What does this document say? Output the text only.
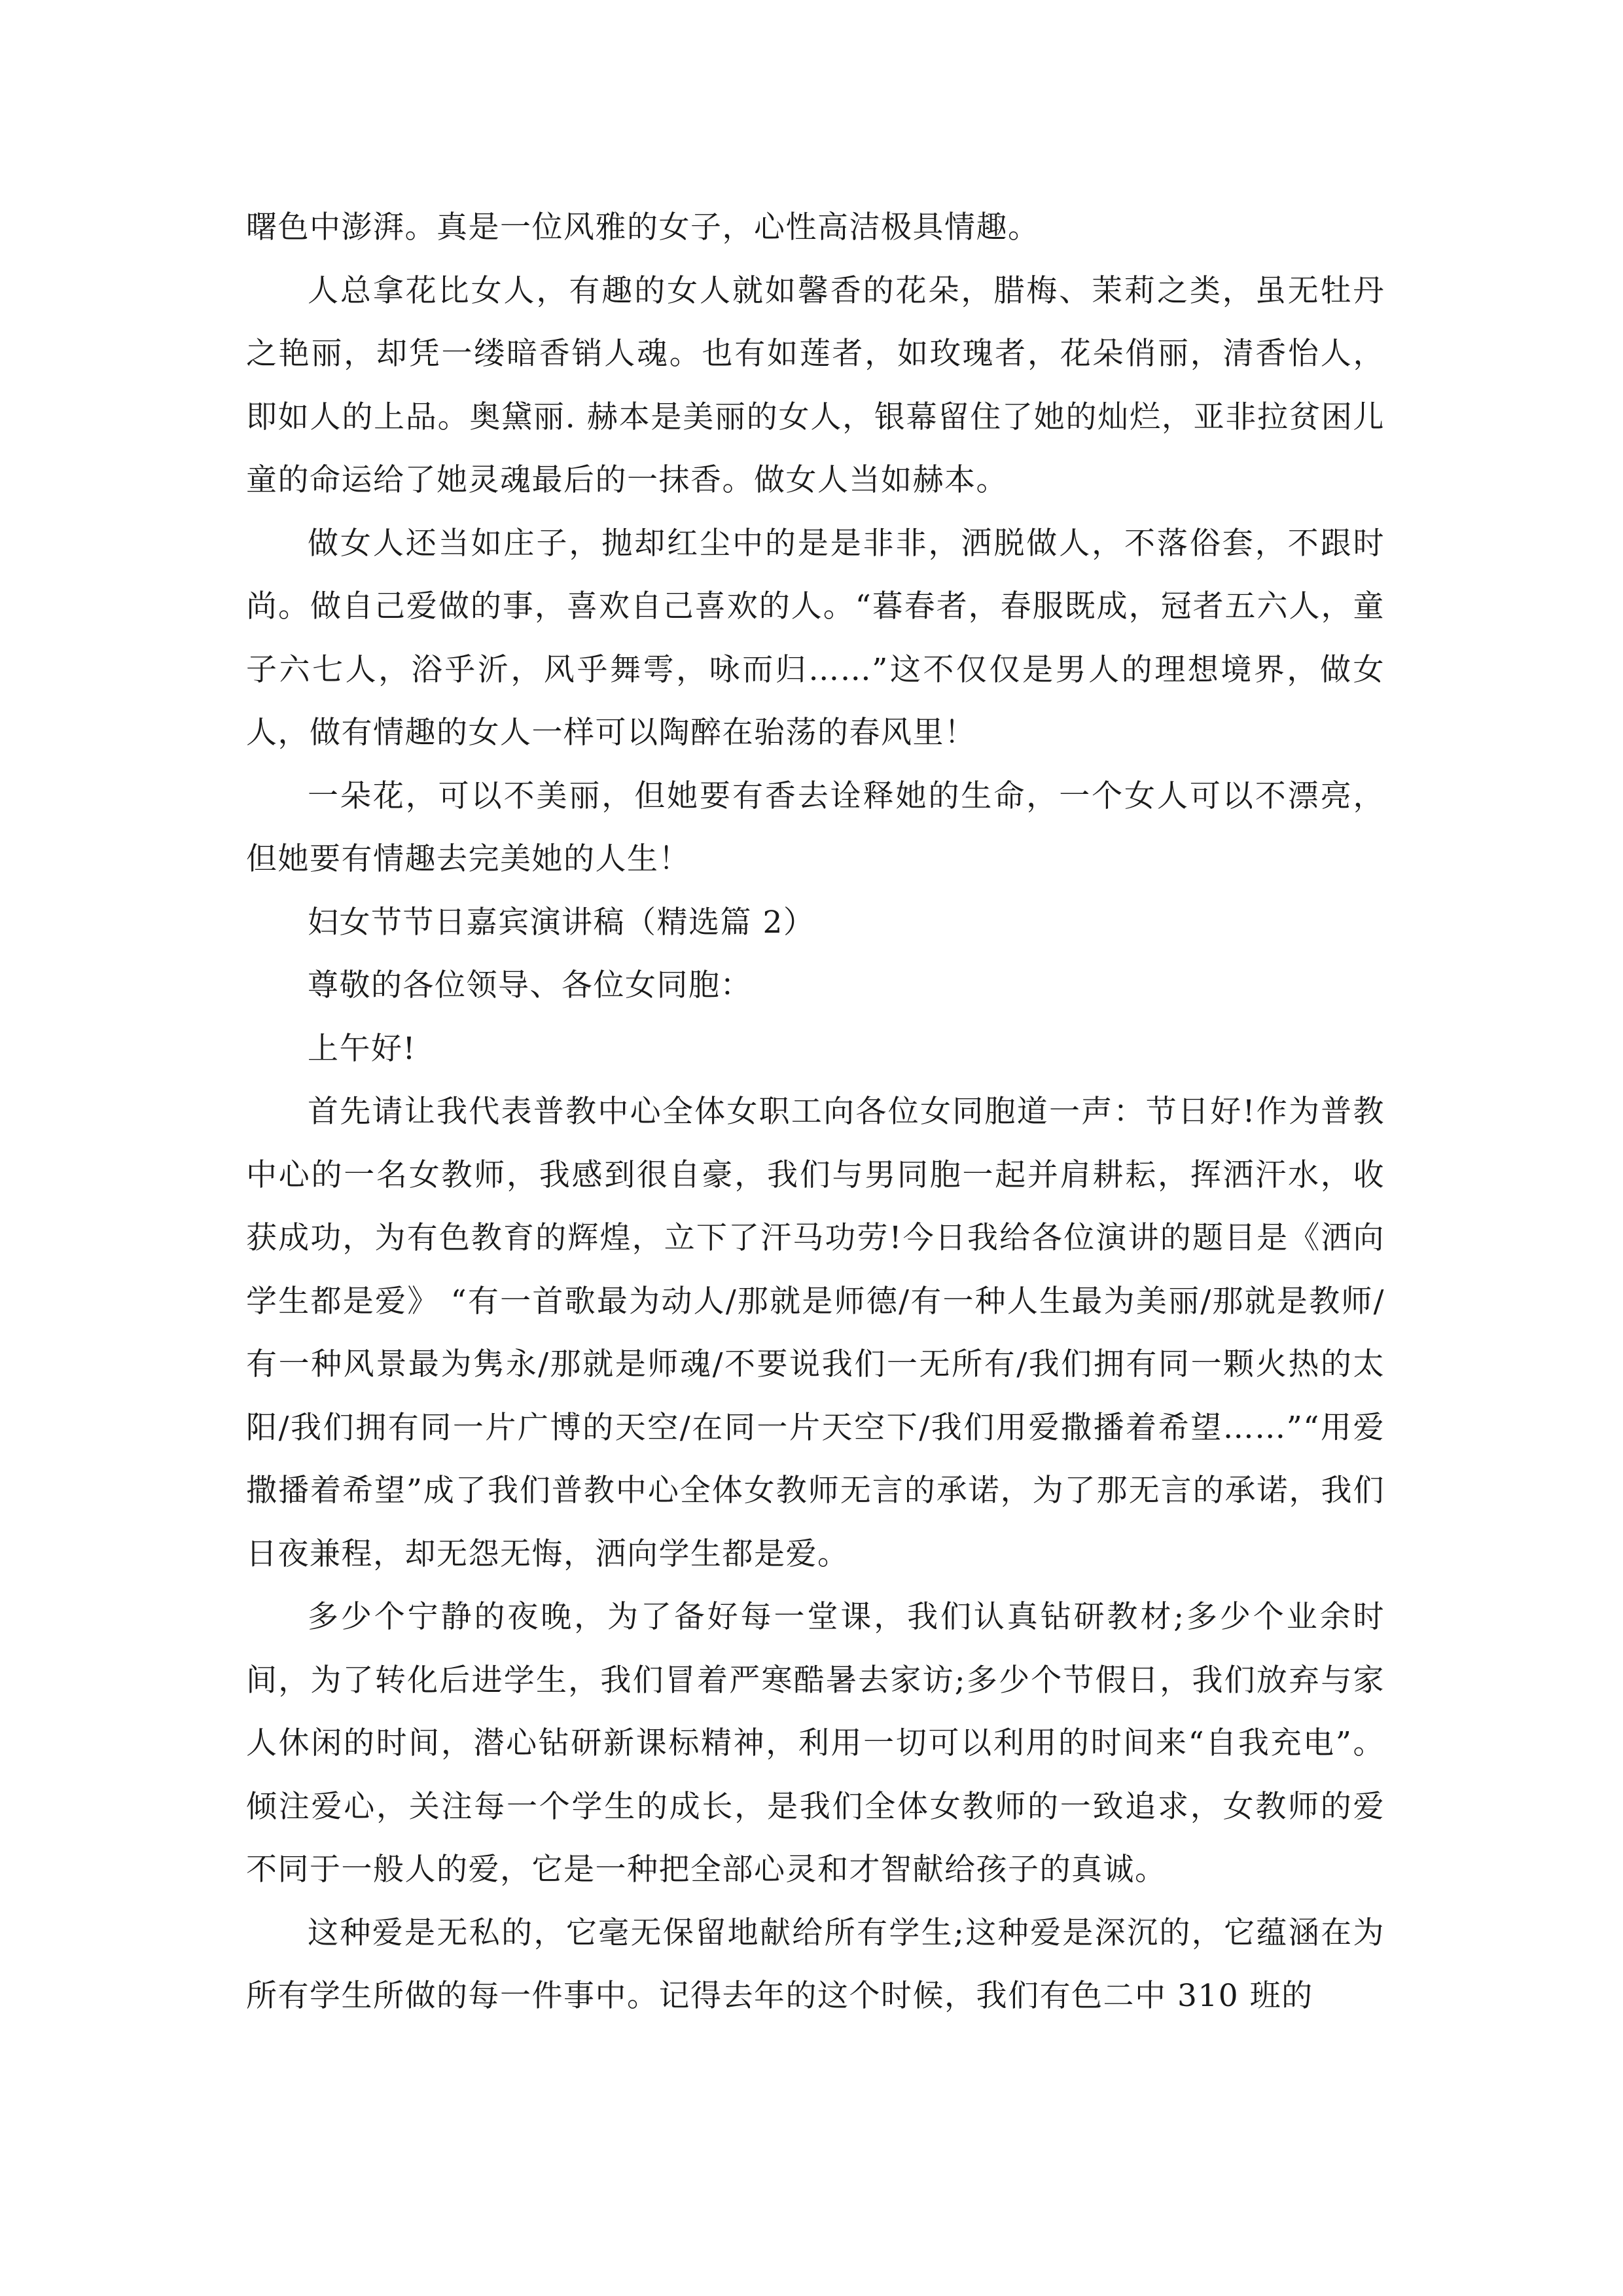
曙色中澎湃。真是一位风雅的女子，心性高洁极具情趣。

人总拿花比女人，有趣的女人就如馨香的花朵，腊梅、茉莉之类，虽无牡丹之艳丽，却凭一缕暗香销人魂。也有如莲者，如玫瑰者，花朵俏丽，清香怡人，即如人的上品。奥黛丽. 赫本是美丽的女人，银幕留住了她的灿烂，亚非拉贫困儿童的命运给了她灵魂最后的一抹香。做女人当如赫本。

做女人还当如庄子，抛却红尘中的是是非非，洒脱做人，不落俗套，不跟时尚。做自己爱做的事，喜欢自己喜欢的人。“暮春者，春服既成，冠者五六人，童子六七人，浴乎沂，风乎舞雩，咏而归……”这不仅仅是男人的理想境界，做女人，做有情趣的女人一样可以陶醉在骀荡的春风里！

一朵花，可以不美丽，但她要有香去诠释她的生命，一个女人可以不漂亮，但她要有情趣去完美她的人生！

妇女节节日嘉宾演讲稿（精选篇 2）

尊敬的各位领导、各位女同胞：

上午好!

首先请让我代表普教中心全体女职工向各位女同胞道一声：节日好!作为普教中心的一名女教师，我感到很自豪，我们与男同胞一起并肩耕耘，挥洒汗水，收获成功，为有色教育的辉煌，立下了汗马功劳!今日我给各位演讲的题目是《洒向学生都是爱》 “有一首歌最为动人/那就是师德/有一种人生最为美丽/那就是教师/有一种风景最为隽永/那就是师魂/不要说我们一无所有/我们拥有同一颗火热的太阳/我们拥有同一片广博的天空/在同一片天空下/我们用爱撒播着希望……”“用爱撒播着希望”成了我们普教中心全体女教师无言的承诺，为了那无言的承诺，我们日夜兼程，却无怨无悔，洒向学生都是爱。

多少个宁静的夜晚，为了备好每一堂课，我们认真钻研教材;多少个业余时间，为了转化后进学生，我们冒着严寒酷暑去家访;多少个节假日，我们放弃与家人休闲的时间，潜心钻研新课标精神，利用一切可以利用的时间来“自我充电”。倾注爱心，关注每一个学生的成长，是我们全体女教师的一致追求，女教师的爱不同于一般人的爱，它是一种把全部心灵和才智献给孩子的真诚。

这种爱是无私的，它毫无保留地献给所有学生;这种爱是深沉的，它蕴涵在为所有学生所做的每一件事中。记得去年的这个时候，我们有色二中 310 班的
